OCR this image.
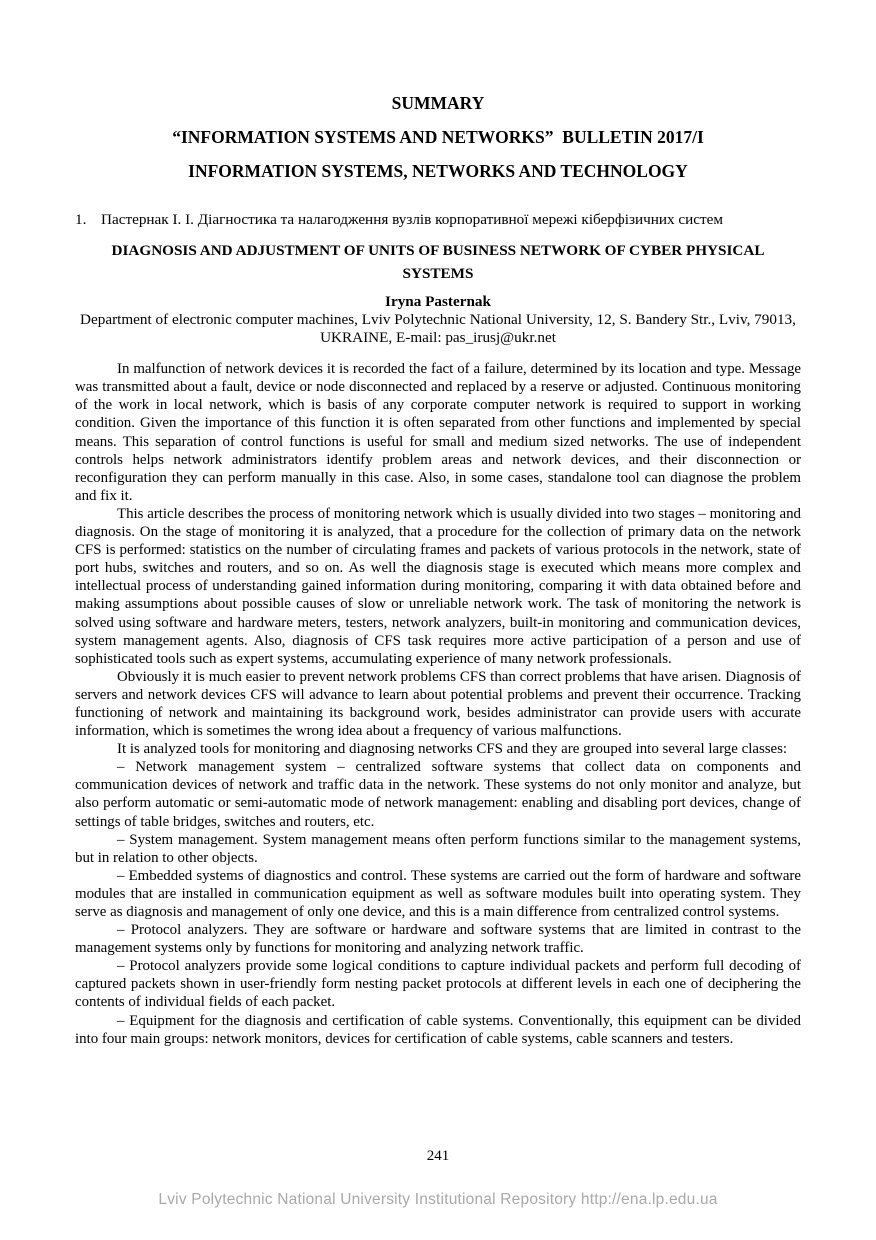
SUMMARY
“INFORMATION SYSTEMS AND NETWORKS”  BULLETIN 2017/I
INFORMATION SYSTEMS, NETWORKS AND TECHNOLOGY
1. Пастернак І. І. Діагностика та налагодження вузлів корпоративної мережі кіберфізичних систем
DIAGNOSIS AND ADJUSTMENT OF UNITS OF BUSINESS NETWORK OF CYBER PHYSICAL SYSTEMS
Iryna Pasternak
Department of electronic computer machines, Lviv Polytechnic National University, 12, S. Bandery Str., Lviv, 79013, UKRAINE, E-mail: pas_irusj@ukr.net

In malfunction of network devices it is recorded the fact of a failure, determined by its location and type. Message was transmitted about a fault, device or node disconnected and replaced by a reserve or adjusted. Continuous monitoring of the work in local network, which is basis of any corporate computer network is required to support in working condition. Given the importance of this function it is often separated from other functions and implemented by special means. This separation of control functions is useful for small and medium sized networks. The use of independent controls helps network administrators identify problem areas and network devices, and their disconnection or reconfiguration they can perform manually in this case. Also, in some cases, standalone tool can diagnose the problem and fix it.

This article describes the process of monitoring network which is usually divided into two stages – monitoring and diagnosis. On the stage of monitoring it is analyzed, that a procedure for the collection of primary data on the network CFS is performed: statistics on the number of circulating frames and packets of various protocols in the network, state of port hubs, switches and routers, and so on. As well the diagnosis stage is executed which means more complex and intellectual process of understanding gained information during monitoring, comparing it with data obtained before and making assumptions about possible causes of slow or unreliable network work. The task of monitoring the network is solved using software and hardware meters, testers, network analyzers, built-in monitoring and communication devices, system management agents. Also, diagnosis of CFS task requires more active participation of a person and use of sophisticated tools such as expert systems, accumulating experience of many network professionals.

Obviously it is much easier to prevent network problems CFS than correct problems that have arisen. Diagnosis of servers and network devices CFS will advance to learn about potential problems and prevent their occurrence. Tracking functioning of network and maintaining its background work, besides administrator can provide users with accurate information, which is sometimes the wrong idea about a frequency of various malfunctions.

It is analyzed tools for monitoring and diagnosing networks CFS and they are grouped into several large classes:

– Network management system – centralized software systems that collect data on components and communication devices of network and traffic data in the network. These systems do not only monitor and analyze, but also perform automatic or semi-automatic mode of network management: enabling and disabling port devices, change of settings of table bridges, switches and routers, etc.

– System management. System management means often perform functions similar to the management systems, but in relation to other objects.

– Embedded systems of diagnostics and control. These systems are carried out the form of hardware and software modules that are installed in communication equipment as well as software modules built into operating system. They serve as diagnosis and management of only one device, and this is a main difference from centralized control systems.

– Protocol analyzers. They are software or hardware and software systems that are limited in contrast to the management systems only by functions for monitoring and analyzing network traffic.

– Protocol analyzers provide some logical conditions to capture individual packets and perform full decoding of captured packets shown in user-friendly form nesting packet protocols at different levels in each one of deciphering the contents of individual fields of each packet.

– Equipment for the diagnosis and certification of cable systems. Conventionally, this equipment can be divided into four main groups: network monitors, devices for certification of cable systems, cable scanners and testers.

241
Lviv Polytechnic National University Institutional Repository http://ena.lp.edu.ua
